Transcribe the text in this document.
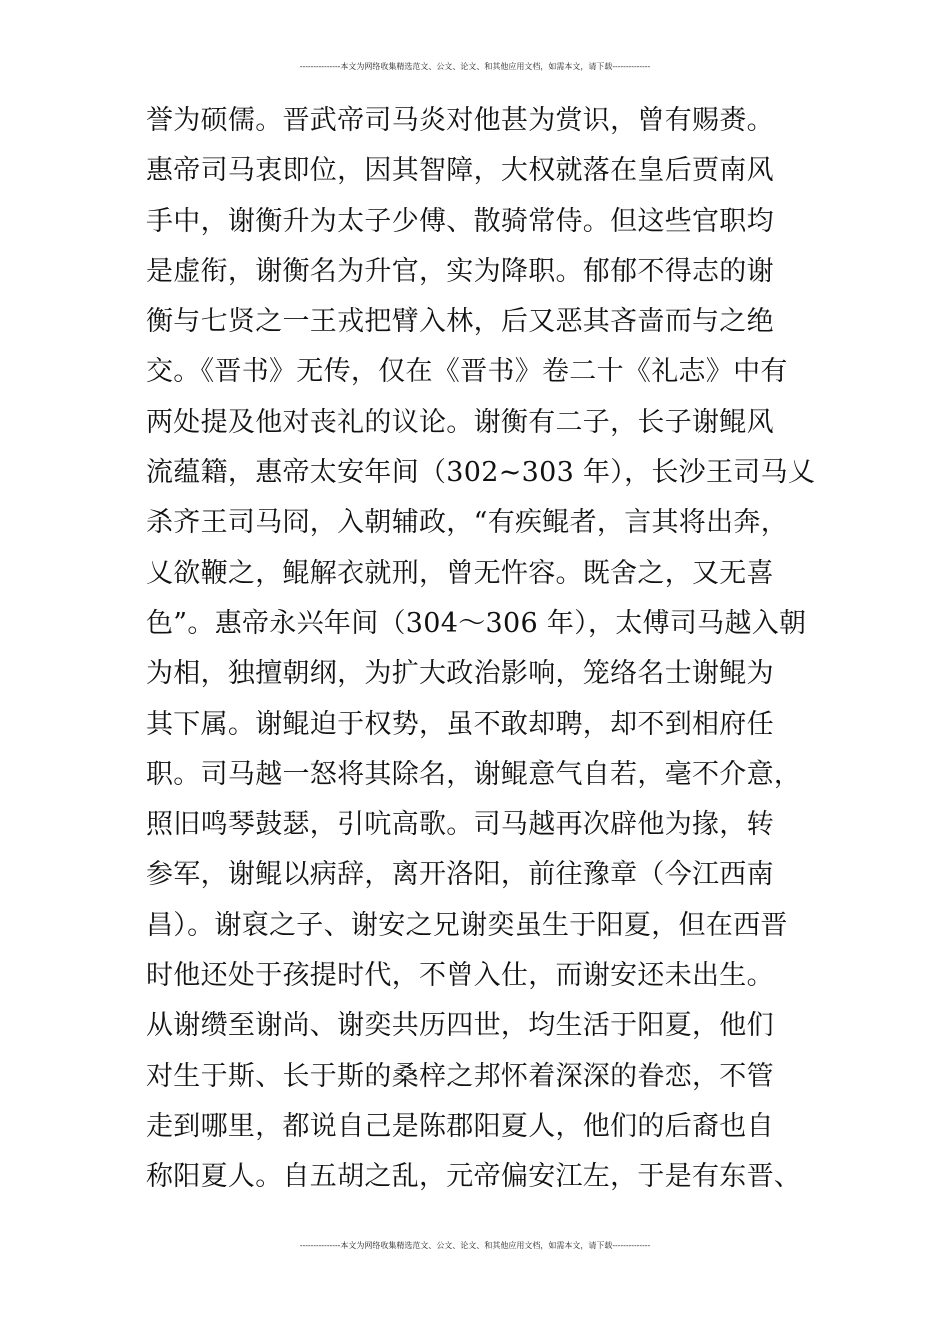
---------------本文为网络收集精选范文、公文、论文、和其他应用文档，如需本文，请下载--------------
誉为硕儒。晋武帝司马炎对他甚为赏识，曾有赐赉。
惠帝司马衷即位，因其智障，大权就落在皇后贾南风
手中，谢衡升为太子少傅、散骑常侍。但这些官职均
是虚衔，谢衡名为升官，实为降职。郁郁不得志的谢
衡与七贤之一王戎把臂入林，后又恶其吝啬而与之绝
交。《晋书》无传，仅在《晋书》卷二十《礼志》中有
两处提及他对丧礼的议论。谢衡有二子，长子谢鲲风
流蕴籍，惠帝太安年间（302~303 年），长沙王司马乂
杀齐王司马冏，入朝辅政，“有疾鲲者，言其将出奔，
乂欲鞭之，鲲解衣就刑，曾无忤容。既舍之，又无喜
色”。惠帝永兴年间（304～306 年），太傅司马越入朝
为相，独擅朝纲，为扩大政治影响，笼络名士谢鲲为
其下属。谢鲲迫于权势，虽不敢却聘，却不到相府任
职。司马越一怒将其除名，谢鲲意气自若，毫不介意，
照旧鸣琴鼓瑟，引吭高歌。司马越再次辟他为掾，转
参军，谢鲲以病辞，离开洛阳，前往豫章（今江西南
昌）。谢裒之子、谢安之兄谢奕虽生于阳夏，但在西晋
时他还处于孩提时代，不曾入仕，而谢安还未出生。
从谢缵至谢尚、谢奕共历四世，均生活于阳夏，他们
对生于斯、长于斯的桑梓之邦怀着深深的眷恋，不管
走到哪里，都说自己是陈郡阳夏人，他们的后裔也自
称阳夏人。自五胡之乱，元帝偏安江左，于是有东晋、
---------------本文为网络收集精选范文、公文、论文、和其他应用文档，如需本文，请下载--------------
